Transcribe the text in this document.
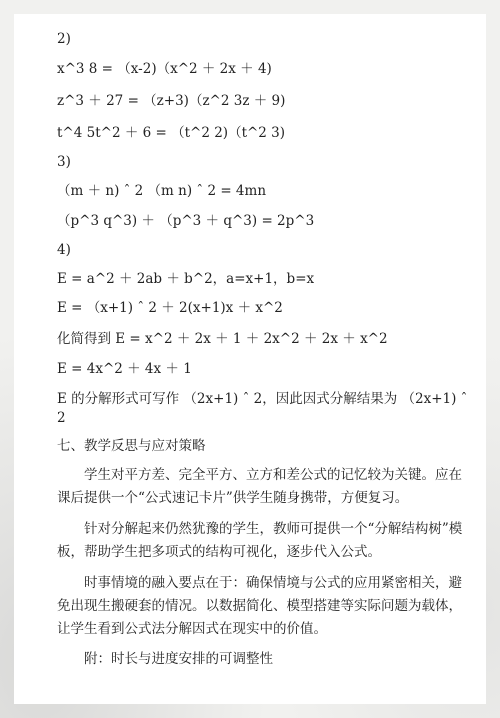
2)
x^3 8 = （x-2)（x^2 ＋ 2x ＋ 4)
z^3 ＋ 27 = （z+3)（z^2 3z ＋ 9)
t^4 5t^2 ＋ 6 = （t^2 2)（t^2 3)
3)
（m ＋ n) ˆ 2 （m n) ˆ 2 = 4mn
（p^3 q^3) ＋ （p^3 ＋ q^3) = 2p^3
4)
E = a^2 ＋ 2ab ＋ b^2，a=x+1，b=x
E = （x+1) ˆ 2 ＋ 2(x+1)x ＋ x^2
化简得到 E = x^2 ＋ 2x ＋ 1 ＋ 2x^2 ＋ 2x ＋ x^2
E = 4x^2 ＋ 4x ＋ 1
E 的分解形式可写作 （2x+1) ˆ 2，因此因式分解结果为 （2x+1) ˆ
2
七、教学反思与应对策略
学生对平方差、完全平方、立方和差公式的记忆较为关键。应在课后提供一个“公式速记卡片”供学生随身携带，方便复习。
针对分解起来仍然犹豫的学生，教师可提供一个“分解结构树”模板，帮助学生把多项式的结构可视化，逐步代入公式。
时事情境的融入要点在于：确保情境与公式的应用紧密相关，避免出现生搬硬套的情况。以数据简化、模型搭建等实际问题为载体，让学生看到公式法分解因式在现实中的价值。
附：时长与进度安排的可调整性
